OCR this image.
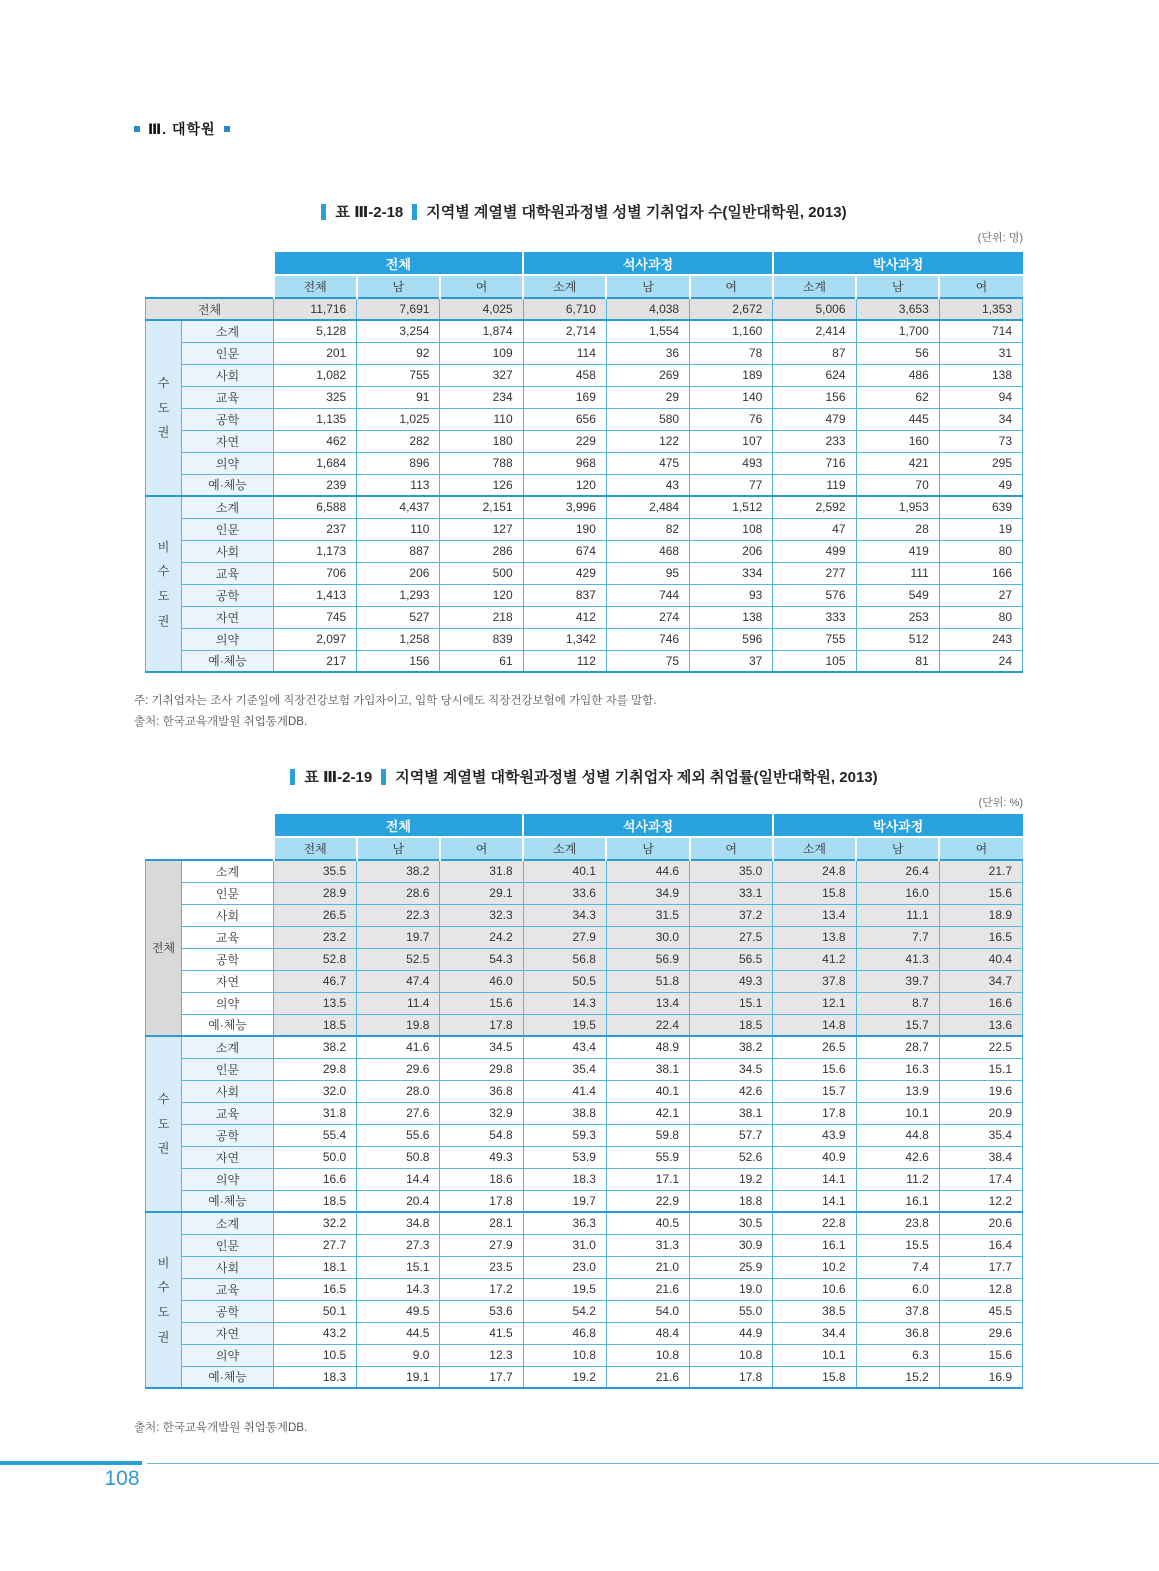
Ⅲ. 대학원
표 Ⅲ-2-18 지역별 계열별 대학원과정별 성별 기취업자 수(일반대학원, 2013)
(단위: 명)
		전체			석사과정			박사과정		
		전체	남	여	소계	남	여	소계	남	여
전체		11,716	7,691	4,025	6,710	4,038	2,672	5,006	3,653	1,353
수
도
권	소계	5,128	3,254	1,874	2,714	1,554	1,160	2,414	1,700	714
	인문	201	92	109	114	36	78	87	56	31
	사회	1,082	755	327	458	269	189	624	486	138
	교육	325	91	234	169	29	140	156	62	94
	공학	1,135	1,025	110	656	580	76	479	445	34
	자연	462	282	180	229	122	107	233	160	73
	의약	1,684	896	788	968	475	493	716	421	295
	예·체능	239	113	126	120	43	77	119	70	49
비
수
도
권	소계	6,588	4,437	2,151	3,996	2,484	1,512	2,592	1,953	639
	인문	237	110	127	190	82	108	47	28	19
	사회	1,173	887	286	674	468	206	499	419	80
	교육	706	206	500	429	95	334	277	111	166
	공학	1,413	1,293	120	837	744	93	576	549	27
	자연	745	527	218	412	274	138	333	253	80
	의약	2,097	1,258	839	1,342	746	596	755	512	243
	예·체능	217	156	61	112	75	37	105	81	24
주: 기취업자는 조사 기준일에 직장건강보험 가입자이고, 입학 당시에도 직장건강보험에 가입한 자를 말함.
출처: 한국교육개발원 취업통계DB.
표 Ⅲ-2-19 지역별 계열별 대학원과정별 성별 기취업자 제외 취업률(일반대학원, 2013)
(단위: %)
		전체			석사과정			박사과정		
		전체	남	여	소계	남	여	소계	남	여
전체	소계	35.5	38.2	31.8	40.1	44.6	35.0	24.8	26.4	21.7
	인문	28.9	28.6	29.1	33.6	34.9	33.1	15.8	16.0	15.6
	사회	26.5	22.3	32.3	34.3	31.5	37.2	13.4	11.1	18.9
	교육	23.2	19.7	24.2	27.9	30.0	27.5	13.8	7.7	16.5
	공학	52.8	52.5	54.3	56.8	56.9	56.5	41.2	41.3	40.4
	자연	46.7	47.4	46.0	50.5	51.8	49.3	37.8	39.7	34.7
	의약	13.5	11.4	15.6	14.3	13.4	15.1	12.1	8.7	16.6
	예·체능	18.5	19.8	17.8	19.5	22.4	18.5	14.8	15.7	13.6
수
도
권	소계	38.2	41.6	34.5	43.4	48.9	38.2	26.5	28.7	22.5
	인문	29.8	29.6	29.8	35.4	38.1	34.5	15.6	16.3	15.1
	사회	32.0	28.0	36.8	41.4	40.1	42.6	15.7	13.9	19.6
	교육	31.8	27.6	32.9	38.8	42.1	38.1	17.8	10.1	20.9
	공학	55.4	55.6	54.8	59.3	59.8	57.7	43.9	44.8	35.4
	자연	50.0	50.8	49.3	53.9	55.9	52.6	40.9	42.6	38.4
	의약	16.6	14.4	18.6	18.3	17.1	19.2	14.1	11.2	17.4
	예·체능	18.5	20.4	17.8	19.7	22.9	18.8	14.1	16.1	12.2
비
수
도
권	소계	32.2	34.8	28.1	36.3	40.5	30.5	22.8	23.8	20.6
	인문	27.7	27.3	27.9	31.0	31.3	30.9	16.1	15.5	16.4
	사회	18.1	15.1	23.5	23.0	21.0	25.9	10.2	7.4	17.7
	교육	16.5	14.3	17.2	19.5	21.6	19.0	10.6	6.0	12.8
	공학	50.1	49.5	53.6	54.2	54.0	55.0	38.5	37.8	45.5
	자연	43.2	44.5	41.5	46.8	48.4	44.9	34.4	36.8	29.6
	의약	10.5	9.0	12.3	10.8	10.8	10.8	10.1	6.3	15.6
	예·체능	18.3	19.1	17.7	19.2	21.6	17.8	15.8	15.2	16.9
출처: 한국교육개발원 취업통계DB.
108
